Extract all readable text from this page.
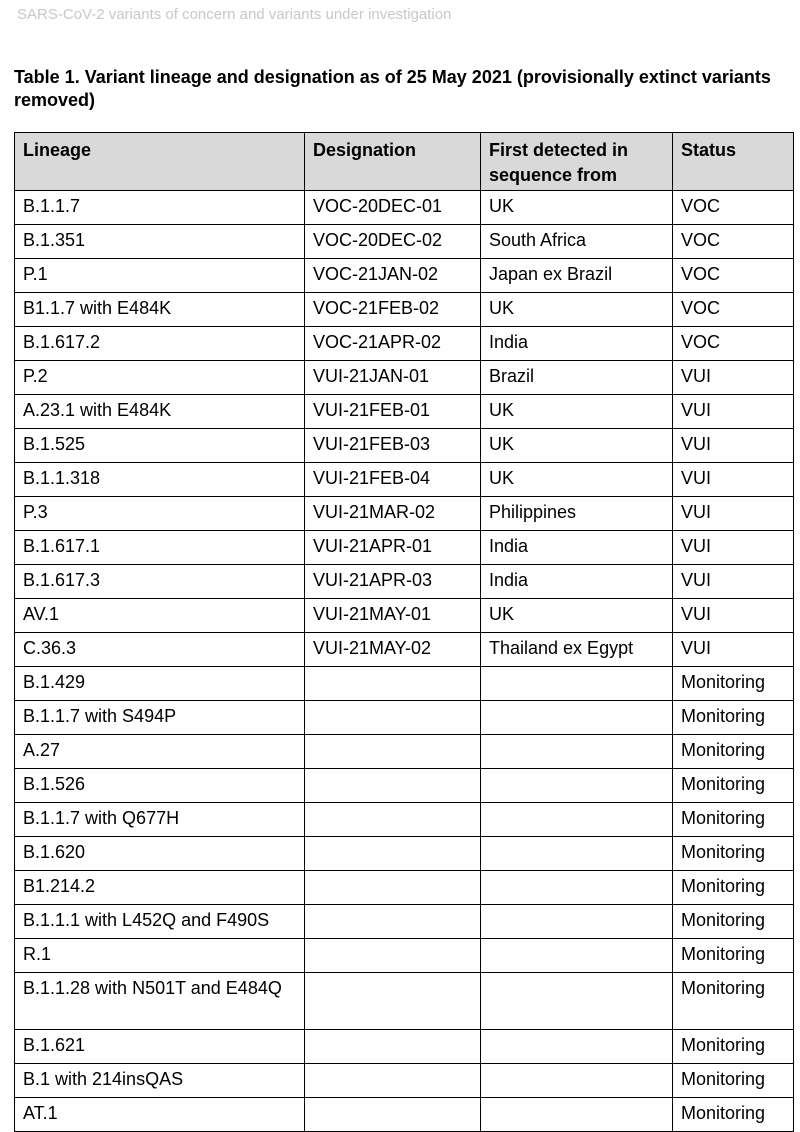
SARS-CoV-2 variants of concern and variants under investigation

Table 1. Variant lineage and designation as of 25 May 2021 (provisionally extinct variants removed)

Lineage	Designation	First detected in sequence from	Status
B.1.1.7	VOC-20DEC-01	UK	VOC
B.1.351	VOC-20DEC-02	South Africa	VOC
P.1	VOC-21JAN-02	Japan ex Brazil	VOC
B1.1.7 with E484K	VOC-21FEB-02	UK	VOC
B.1.617.2	VOC-21APR-02	India	VOC
P.2	VUI-21JAN-01	Brazil	VUI
A.23.1 with E484K	VUI-21FEB-01	UK	VUI
B.1.525	VUI-21FEB-03	UK	VUI
B.1.1.318	VUI-21FEB-04	UK	VUI
P.3	VUI-21MAR-02	Philippines	VUI
B.1.617.1	VUI-21APR-01	India	VUI
B.1.617.3	VUI-21APR-03	India	VUI
AV.1	VUI-21MAY-01	UK	VUI
C.36.3	VUI-21MAY-02	Thailand ex Egypt	VUI
B.1.429			Monitoring
B.1.1.7 with S494P			Monitoring
A.27			Monitoring
B.1.526			Monitoring
B.1.1.7 with Q677H			Monitoring
B.1.620			Monitoring
B1.214.2			Monitoring
B.1.1.1 with L452Q and F490S			Monitoring
R.1			Monitoring
B.1.1.28 with N501T and E484Q			Monitoring
B.1.621			Monitoring
B.1 with 214insQAS			Monitoring
AT.1			Monitoring
